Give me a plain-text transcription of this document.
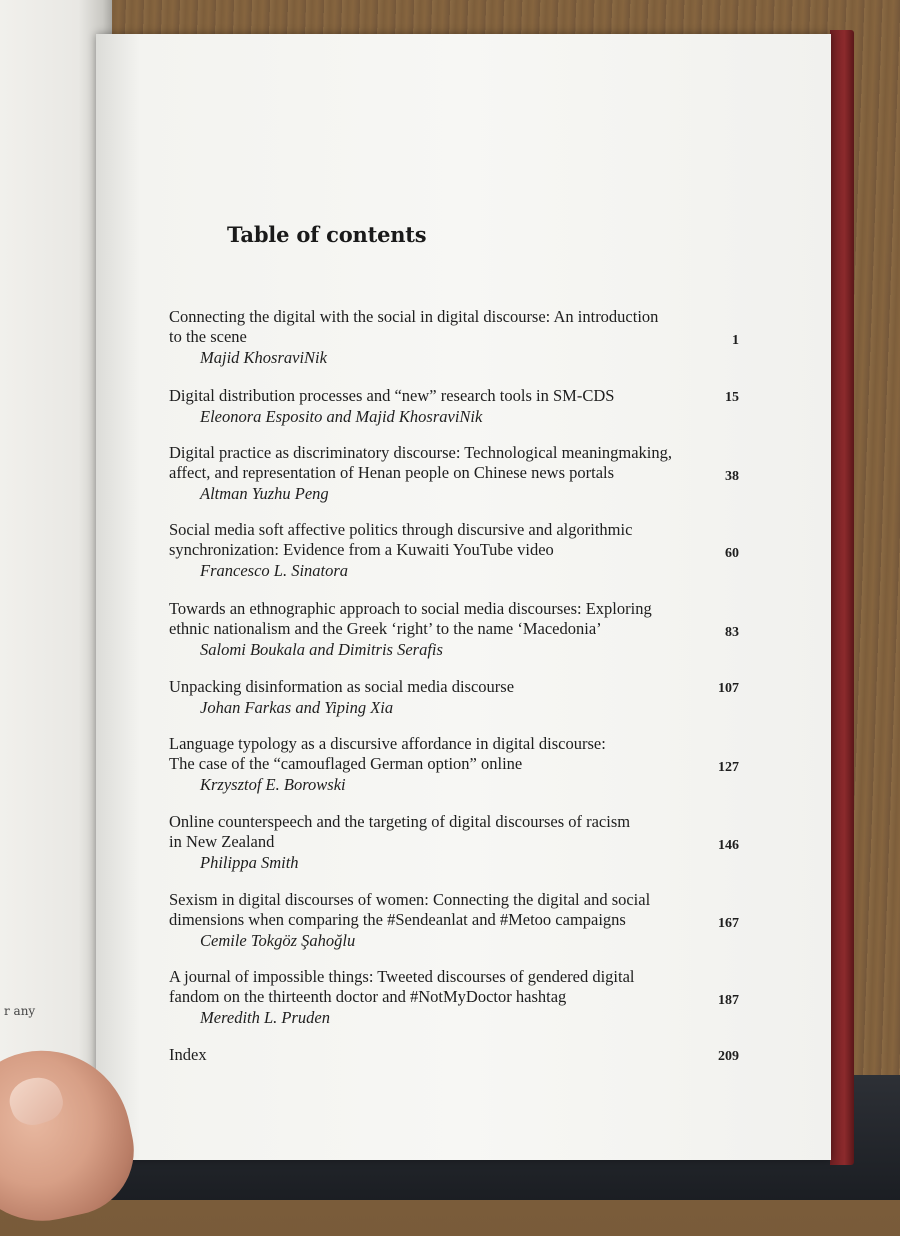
r any
Table of contents
Connecting the digital with the social in digital discourse: An introduction
to the scene
Majid KhosraviNik
1
Digital distribution processes and “new” research tools in SM-CDS
Eleonora Esposito and Majid KhosraviNik
15
Digital practice as discriminatory discourse: Technological meaningmaking,
affect, and representation of Henan people on Chinese news portals
Altman Yuzhu Peng
38
Social media soft affective politics through discursive and algorithmic
synchronization: Evidence from a Kuwaiti YouTube video
Francesco L. Sinatora
60
Towards an ethnographic approach to social media discourses: Exploring
ethnic nationalism and the Greek ‘right’ to the name ‘Macedonia’
Salomi Boukala and Dimitris Serafis
83
Unpacking disinformation as social media discourse
Johan Farkas and Yiping Xia
107
Language typology as a discursive affordance in digital discourse:
The case of the “camouflaged German option” online
Krzysztof E. Borowski
127
Online counterspeech and the targeting of digital discourses of racism
in New Zealand
Philippa Smith
146
Sexism in digital discourses of women: Connecting the digital and social
dimensions when comparing the #Sendeanlat and #Metoo campaigns
Cemile Tokgöz Şahoğlu
167
A journal of impossible things: Tweeted discourses of gendered digital
fandom on the thirteenth doctor and #NotMyDoctor hashtag
Meredith L. Pruden
187
Index	209
